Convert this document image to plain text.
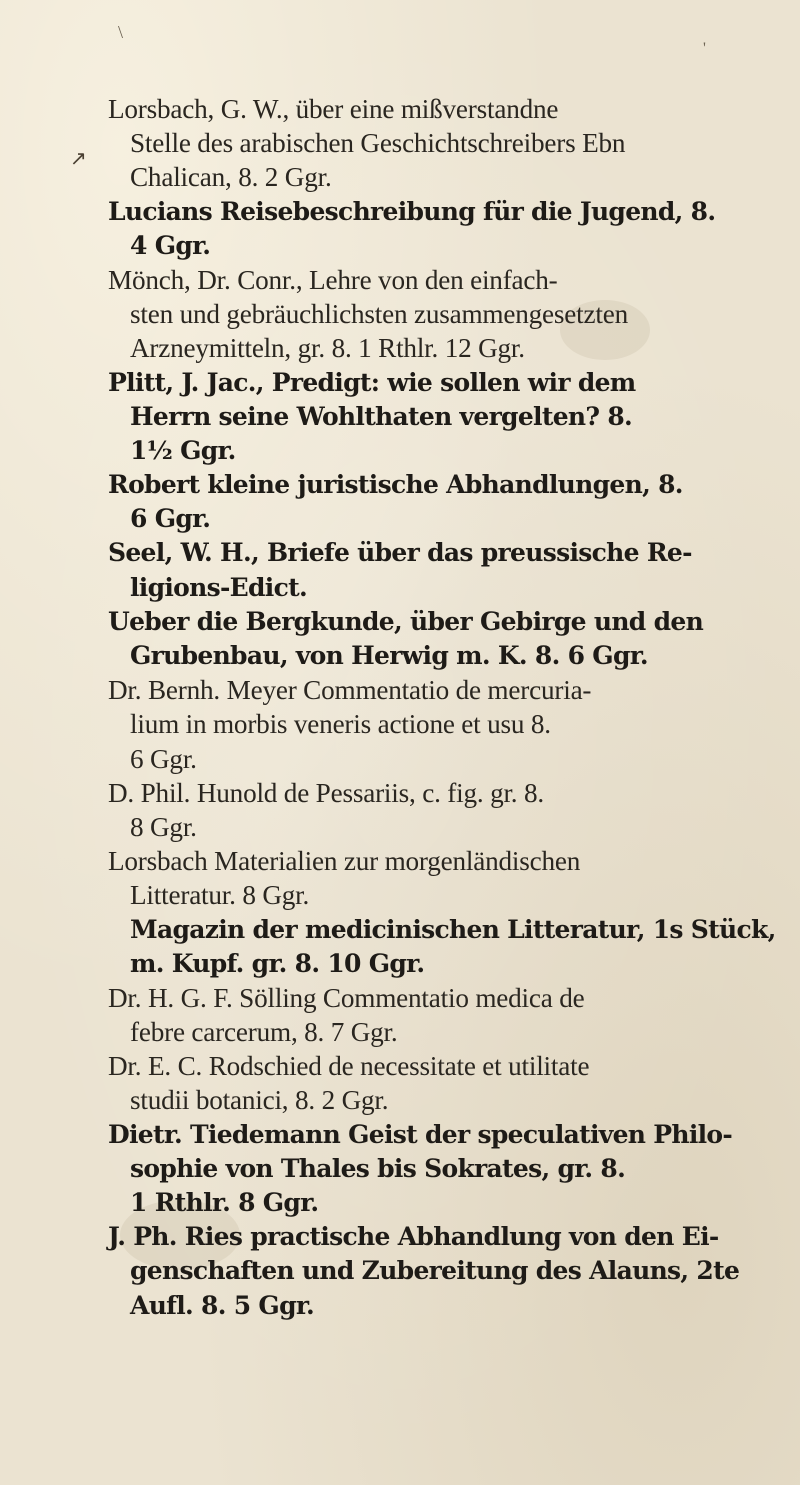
\
'
↗
Lorsbach, G. W., über eine mißverstandne
Stelle des arabischen Geschichtschreibers Ebn
Chalican, 8. 2 Ggr.
Lucians Reisebeschreibung für die Jugend, 8.
4 Ggr.
Mönch, Dr. Conr., Lehre von den einfach-
sten und gebräuchlichsten zusammengesetzten
Arzneymitteln, gr. 8. 1 Rthlr. 12 Ggr.
Plitt, J. Jac., Predigt: wie sollen wir dem
Herrn seine Wohlthaten vergelten? 8.
1½ Ggr.
Robert kleine juristische Abhandlungen, 8.
6 Ggr.
Seel, W. H., Briefe über das preussische Re-
ligions-Edict.
Ueber die Bergkunde, über Gebirge und den
Grubenbau, von Herwig m. K. 8. 6 Ggr.
Dr. Bernh. Meyer Commentatio de mercuria-
lium in morbis veneris actione et usu 8.
6 Ggr.
D. Phil. Hunold de Pessariis, c. fig. gr. 8.
8 Ggr.
Lorsbach Materialien zur morgenländischen
Litteratur. 8 Ggr.
Magazin der medicinischen Litteratur, 1s Stück,
m. Kupf. gr. 8. 10 Ggr.
Dr. H. G. F. Sölling Commentatio medica de
febre carcerum, 8. 7 Ggr.
Dr. E. C. Rodschied de necessitate et utilitate
studii botanici, 8. 2 Ggr.
Dietr. Tiedemann Geist der speculativen Philo-
sophie von Thales bis Sokrates, gr. 8.
1 Rthlr. 8 Ggr.
J. Ph. Ries practische Abhandlung von den Ei-
genschaften und Zubereitung des Alauns, 2te
Aufl. 8. 5 Ggr.
